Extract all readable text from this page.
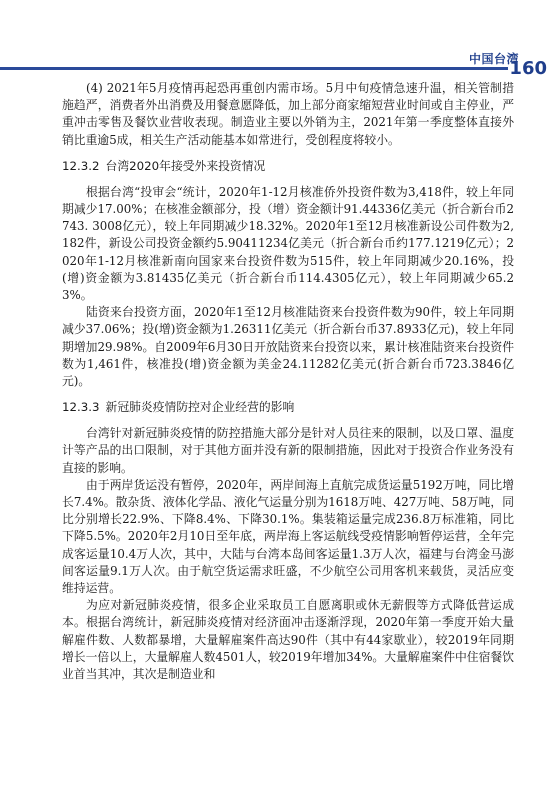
中国台湾
160

(4) 2021年5月疫情再起恐再重创内需市场。5月中旬疫情急速升温，相关管制措施趋严，消费者外出消费及用餐意愿降低，加上部分商家缩短营业时间或自主停业，严重冲击零售及餐饮业营收表现。制造业主要以外销为主，2021年第一季度整体直接外销比重逾5成，相关生产活动能基本如常进行，受创程度将较小。

12.3.2 台湾2020年接受外来投资情况

根据台湾“投审会“统计，2020年1-12月核准侨外投资件数为3,418件，较上年同期减少17.00%；在核准金额部分，投（增）资金额计91.44336亿美元（折合新台币2743. 3008亿元），较上年同期减少18.32%。2020年1至12月核准新设公司件数为2,182件，新设公司投资金额约5.90411234亿美元（折合新台币约177.1219亿元）；2020年1-12月核准新南向国家来台投资件数为515件，较上年同期减少20.16%，投(增)资金额为3.81435亿美元（折合新台币114.4305亿元），较上年同期减少65.23%。

陆资来台投资方面，2020年1至12月核准陆资来台投资件数为90件，较上年同期减少37.06%；投(增)资金额为1.26311亿美元（折合新台币37.8933亿元)，较上年同期增加29.98%。自2009年6月30日开放陆资来台投资以来，累计核准陆资来台投资件数为1,461件，核准投(增)资金额为美金24.11282亿美元(折合新台币723.3846亿元)。

12.3.3 新冠肺炎疫情防控对企业经营的影响

台湾针对新冠肺炎疫情的防控措施大部分是针对人员往来的限制，以及口罩、温度计等产品的出口限制，对于其他方面并没有新的限制措施，因此对于投资合作业务没有直接的影响。

由于两岸货运没有暂停，2020年，两岸间海上直航完成货运量5192万吨，同比增长7.4%。散杂货、液体化学品、液化气运量分别为1618万吨、427万吨、58万吨，同比分别增长22.9%、下降8.4%、下降30.1%。集装箱运量完成236.8万标准箱，同比下降5.5%。2020年2月10日至年底，两岸海上客运航线受疫情影响暂停运营，全年完成客运量10.4万人次，其中，大陆与台湾本岛间客运量1.3万人次，福建与台湾金马澎间客运量9.1万人次。由于航空货运需求旺盛，不少航空公司用客机来载货，灵活应变维持运营。

为应对新冠肺炎疫情，很多企业采取员工自愿离职或休无薪假等方式降低营运成本。根据台湾统计，新冠肺炎疫情对经济面冲击逐渐浮现，2020年第一季度开始大量解雇件数、人数都暴增，大量解雇案件高达90件（其中有44家歇业），较2019年同期增长一倍以上，大量解雇人数4501人，较2019年增加34%。大量解雇案件中住宿餐饮业首当其冲，其次是制造业和
